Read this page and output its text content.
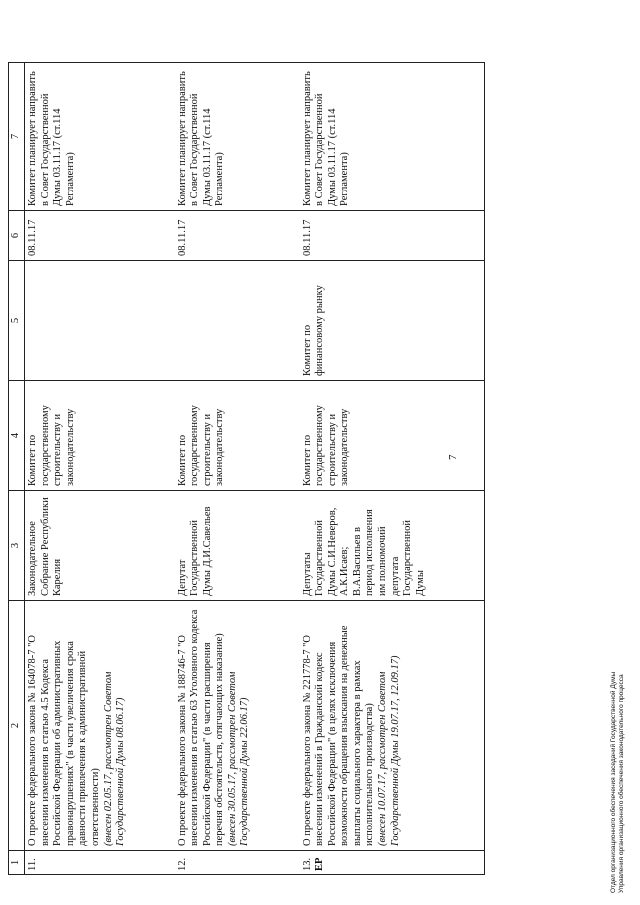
1	2	3	4	5	6	7
11.	О проекте федерального закона № 164078-7 "О внесении изменения в статью 4.5 Кодекса Российской Федерации об административных правонарушениях" (в части увеличения срока давности привлечения к административной ответственности) (внесен 02.05.17, рассмотрен Советом Государственной Думы 08.06.17)	Законодательное Собрание Республики Карелия	Комитет по государственному строительству и законодательству		08.11.17	Комитет планирует направить в Совет Государственной Думы 03.11.17 (ст.114 Регламента)
12.	О проекте федерального закона № 188746-7 "О внесении изменения в статью 63 Уголовного кодекса Российской Федерации" (в части расширения перечня обстоятельств, отягчающих наказание) (внесен 30.05.17, рассмотрен Советом Государственной Думы 22.06.17)	Депутат Государственной Думы Д.И.Савельев	Комитет по государственному строительству и законодательству		08.11.17	Комитет планирует направить в Совет Государственной Думы 03.11.17 (ст.114 Регламента)
13. ЕР	О проекте федерального закона № 221778-7 "О внесении изменений в Гражданский кодекс Российской Федерации" (в целях исключения возможности обращения взыскания на денежные выплаты социального характера в рамках исполнительного производства) (внесен 10.07.17, рассмотрен Советом Государственной Думы 19.07.17, 12.09.17)	Депутаты Государственной Думы С.И.Неверов, А.К.Исаев; В.А.Васильев в период исполнения им полномочий депутата Государственной Думы	Комитет по государственному строительству и законодательству	Комитет по финансовому рынку	08.11.17	Комитет планирует направить в Совет Государственной Думы 03.11.17 (ст.114 Регламента)
7
Отдел организационного обеспечения заседаний Государственной Думы Управления организационного обеспечения законодательного процесса
